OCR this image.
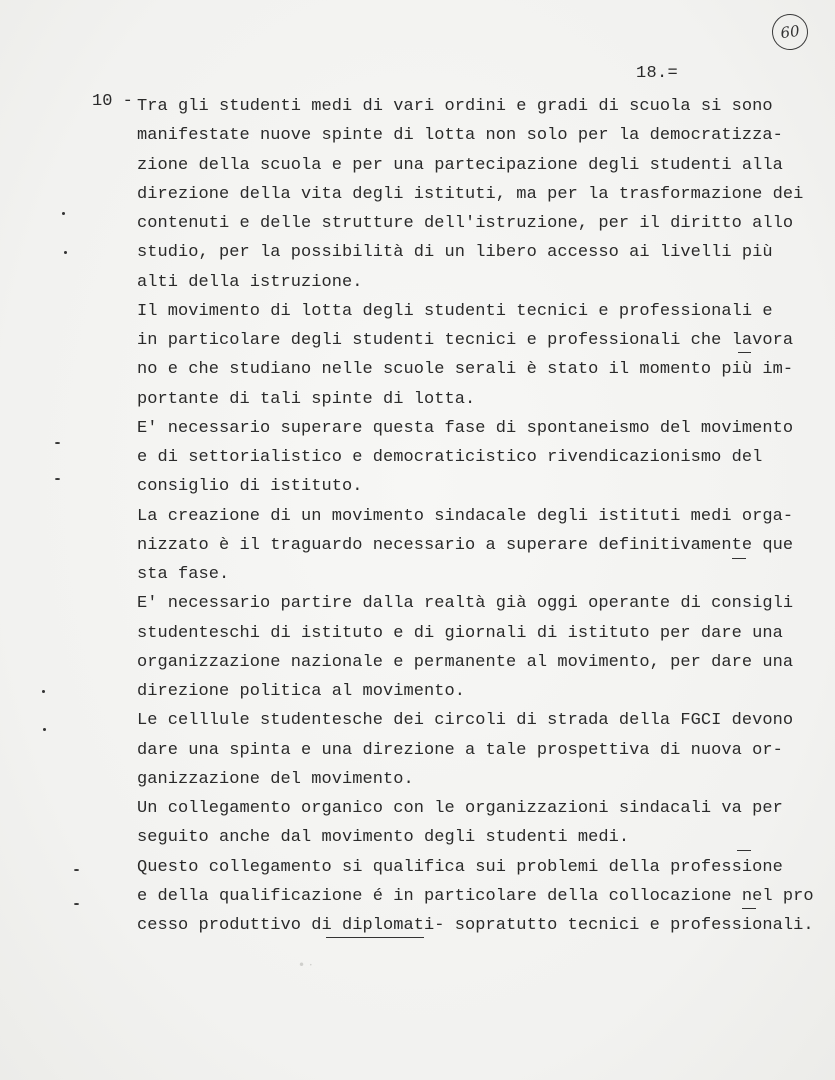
60
18.=
10 - Tra gli studenti medi di vari ordini e gradi di scuola si sono
manifestate nuove spinte di lotta non solo per la democratizza-
zione della scuola e per una partecipazione degli studenti alla
direzione della vita degli istituti, ma per la trasformazione dei
contenuti e delle strutture dell'istruzione, per il diritto allo
studio, per la possibilità di un libero accesso ai livelli più
alti della istruzione.
Il movimento di lotta degli studenti tecnici e professionali e
in particolare degli studenti tecnici e professionali che lavora
no e che studiano nelle scuole serali è stato il momento più im-
portante di tali spinte di lotta.
E' necessario superare questa fase di spontaneismo del movimento
e di settorialistico e democraticistico rivendicazionismo del
consiglio di istituto.
La creazione di un movimento sindacale degli istituti medi orga-
nizzato è il traguardo necessario a superare definitivamente que
sta fase.
E' necessario partire dalla realtà già oggi operante di consigli
studenteschi di istituto e di giornali di istituto per dare una
organizzazione nazionale e permanente al movimento, per dare una
direzione politica al movimento.
Le celllule studentesche dei circoli di strada della FGCI devono
dare una spinta e una direzione a tale prospettiva di nuova or-
ganizzazione del movimento.
Un collegamento organico con le organizzazioni sindacali va per
seguito anche dal movimento degli studenti medi.
Questo collegamento si qualifica sui problemi della professione
e della qualificazione é in particolare della collocazione nel pro
cesso produttivo di diplomati- sopratutto tecnici e professionali.
• ·
